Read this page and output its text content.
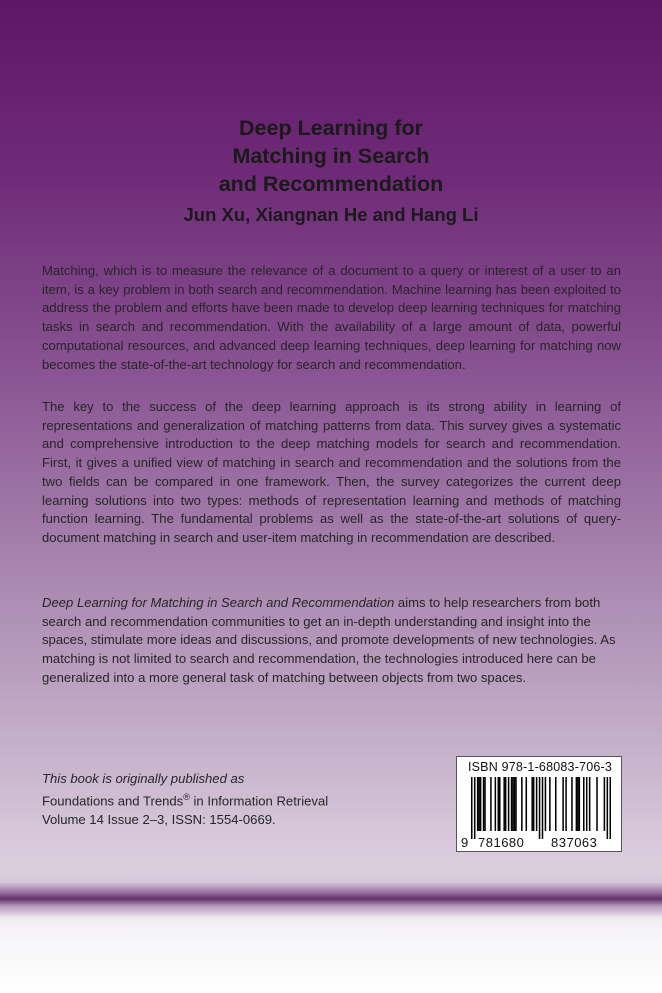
Deep Learning for
Matching in Search
and Recommendation
Jun Xu, Xiangnan He and Hang Li

Matching, which is to measure the relevance of a document to a query or interest of a user to an item, is a key problem in both search and recommendation. Machine learning has been exploited to address the problem and efforts have been made to develop deep learning techniques for matching tasks in search and recommendation. With the availability of a large amount of data, powerful computational resources, and advanced deep learning techniques, deep learning for matching now becomes the state-of-the-art technology for search and recommendation.

The key to the success of the deep learning approach is its strong ability in learning of representations and generalization of matching patterns from data. This survey gives a systematic and comprehensive introduction to the deep matching models for search and recommendation. First, it gives a unified view of matching in search and recommendation and the solutions from the two fields can be compared in one framework. Then, the survey categorizes the current deep learning solutions into two types: methods of representation learning and methods of matching function learning. The fundamental problems as well as the state-of-the-art solutions of query-document matching in search and user-item matching in recommendation are described.

Deep Learning for Matching in Search and Recommendation aims to help researchers from both search and recommendation communities to get an in-depth understanding and insight into the spaces, stimulate more ideas and discussions, and promote developments of new technologies. As matching is not limited to search and recommendation, the technologies introduced here can be generalized into a more general task of matching between objects from two spaces.

This book is originally published as
Foundations and Trends® in Information Retrieval
Volume 14 Issue 2–3, ISSN: 1554-0669.
ISBN 978-1-68083-706-3
9 781680 837063
